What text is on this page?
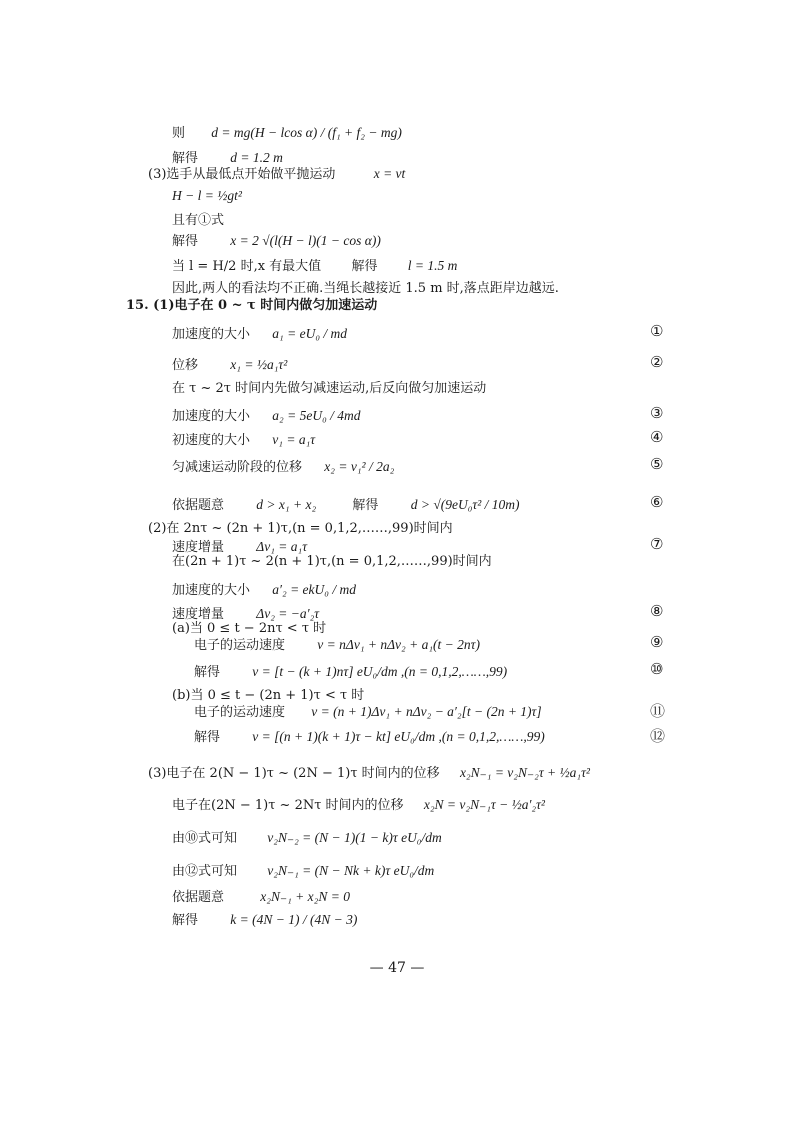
则 d = mg(H − lcos α) / (f₁ + f₂ − mg)
解得 d = 1.2 m
(3)选手从最低点开始做平抛运动	x = vt
H − l = ½gt²
且有①式
解得 x = 2 √(l(H − l)(1 − cos α))
当 l = H/2 时,x 有最大值 解得 l = 1.5 m
因此,两人的看法均不正确.当绳长越接近 1.5 m 时,落点距岸边越远.
15. (1)电子在 0 ~ τ 时间内做匀加速运动
加速度的大小 a₁ = eU₀ / md	①
位移 x₁ = ½a₁τ²	②
在 τ ~ 2τ 时间内先做匀减速运动,后反向做匀加速运动
加速度的大小 a₂ = 5eU₀ / 4md	③
初速度的大小 v₁ = a₁τ	④
匀减速运动阶段的位移 x₂ = v₁² / 2a₂	⑤
依据题意 d > x₁ + x₂	解得 d > √(9eU₀τ² / 10m)	⑥
(2)在 2nτ ~ (2n + 1)τ,(n = 0,1,2,……,99)时间内
速度增量 Δv₁ = a₁τ	⑦
在(2n + 1)τ ~ 2(n + 1)τ,(n = 0,1,2,……,99)时间内
加速度的大小 a′₂ = ekU₀ / md
速度增量 Δv₂ = −a′₂τ	⑧
(a)当 0 ≤ t − 2nτ < τ 时
电子的运动速度 v = nΔv₁ + nΔv₂ + a₁(t − 2nτ)	⑨
解得 v = [t − (k + 1)nτ] eU₀/dm ,(n = 0,1,2,……,99)	⑩
(b)当 0 ≤ t − (2n + 1)τ < τ 时
电子的运动速度 v = (n + 1)Δv₁ + nΔv₂ − a′₂[t − (2n + 1)τ]	⑪
解得 v = [(n + 1)(k + 1)τ − kt] eU₀/dm ,(n = 0,1,2,……,99)	⑫
(3)电子在 2(N − 1)τ ~ (2N − 1)τ 时间内的位移 x₂N₋₁ = v₂N₋₂τ + ½a₁τ²
电子在(2N − 1)τ ~ 2Nτ 时间内的位移 x₂N = v₂N₋₁τ − ½a′₂τ²
由⑩式可知 v₂N₋₂ = (N − 1)(1 − k)τ eU₀/dm
由⑫式可知 v₂N₋₁ = (N − Nk + k)τ eU₀/dm
依据题意	x₂N₋₁ + x₂N = 0
解得 k = (4N − 1) / (4N − 3)
— 47 —
